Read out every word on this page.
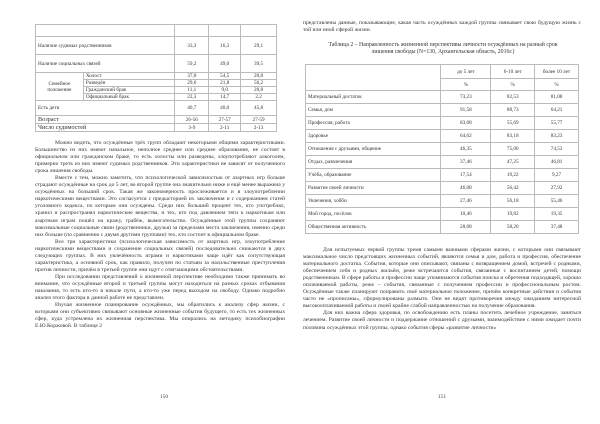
Наличие судимых родственников		33,3	16,3	29,1
Наличие социальных связей		59,2	49,0	39,5
Семейное положение	Холост	37,0	54,5	20,8
	Разведён	29,6	21,8	56,2
	Гражданский брак	11,1	9,0	20,8
	Официальный брак	22,3	14,7	2,2
Есть дети		40,7	40,0	45,8
Возраст		26-56	27-57	27-59
Число судимостей		3-9	2-11	2-13

Можно видеть, что осуждённые трёх групп обладают некоторыми общими характеристиками. Большинство из них имеют начальное, неполное среднее или среднее образование, не состоят в официальном или гражданском браке, то есть холосты или разведены, злоупотребляют алкоголем, примерно треть из них имеют судимых родственников. Эти характеристики не зависят от полученного срока лишения свободы.

Вместе с тем, можно заметить, что психологической зависимостью от азартных игр больше страдают осуждённые на срок до 5 лет, во второй группе она значительно ниже и ещё менее выражена у осуждённых на больший срок. Такая же закономерность прослеживается и в злоупотреблении наркотическими веществами. Это согласуется с предысторией их заключения и с содержанием статей уголовного кодекса, по которым они осуждены. Среди них больший процент тех, кто употреблял, хранил и распространял наркотические вещества, и тех, кто под давлением тяги к наркотикам или азартным играм пошёл на кражу, грабёж, вымогательство. Осуждённые этой группы сохраняют максимальные социальные связи (родственники, друзья) за пределами места заключения, именно среди них больше (по сравнению с двумя другими группами) тех, кто состоит в официальном браке.

Все три характеристики (психологическая зависимость от азартных игр, злоупотребление наркотическими веществами и сохранение социальных связей) последовательно снижаются в двух следующих группах. В них увлечённость играми и наркотиками чаще идёт как сопутствующая характеристика, а основной срок, как правило, получен по статьям за насильственные преступления против личности, причём в третьей группе они идут с отягчающими обстоятельствами.

При исследовании представлений о жизненной перспективе необходимо также принимать во внимание, что осуждённые второй и третьей группы могут находиться на разных сроках отбывания наказания, то есть кто-то в начале пути, а кто-то уже перед выходом на свободу. Однако подробно анализ этого фактора в данной работе не представлен.

Изучая жизненное планирование осуждённых, мы обратились к анализу сфер жизни, с которыми они субъективно связывают основные жизненные события будущего, то есть тех жизненных сфер, куда устремлена их жизненная перспектива. Мы опирались на методику психобиографии Е.Ю.Коржовой. В таблице 2

150

представлены данные, показывающие, какая часть осуждённых каждой группы связывает свою будущую жизнь с той или иной сферой жизни.

Таблица 2 – Направленность жизненной перспективы личности осуждённых на разный срок лишения свободы (N=130, Архангельская область, 2016г.)

	до 5 лет	6-10 лет	более 10 лет
	%	%	%
Материальный достаток	73,23	82,53	81,08
Семья, дом	91,58	88,73	64,21
Профессия, работа	83,08	55,69	55,77
Здоровье	64,62	83,18	83,23
Отношения с друзьями, общение	46,35	75,00	74,53
Отдых, развлечения	37,46	47,25	46,81
Учёба, образование	17,54	19,22	9,27
Развитие своей личности	46,08	56,42	27,92
Увлечения, хобби	27,46	56,18	55,46
Мой город, посёлок	10,46	19,82	19,35
Общественная активность	28,08	58,20	37,48

Для испытуемых первой группы тремя самыми важными сферами жизни, с которыми они связывают максимальное число предстоящих жизненных событий, являются семья и дом, работа и профессия, обеспечение материального достатка. События, которые они описывают, связаны с возвращением домой, встречей с родными, обеспечением себя и родных жильём, реже встречаются события, связанные с воспитанием детей, помощи родственникам. В сфере работы и профессии чаще упоминаются события поиска и обретения подходящей, хорошо оплачиваемой работы, реже – события, связанные с получением профессии и профессиональным ростом. Осуждённые также планируют поправить своё материальное положение, причём конкретные действия и события часто не «прописаны», сформулированы размыто. Они не видят противоречия между ожиданием интересной высокооплачиваемой работы и своей крайне слабой направленностью на получение образования.

Для них важна сфера здоровья, по освобождению есть планы посетить лечебное учреждение, заняться лечением. Развитие своей личности и поддержание отношений с друзьями, взаимодействие с ними ожидает почти половина осуждённых этой группы, однако события сферы «развитие личности»

151
